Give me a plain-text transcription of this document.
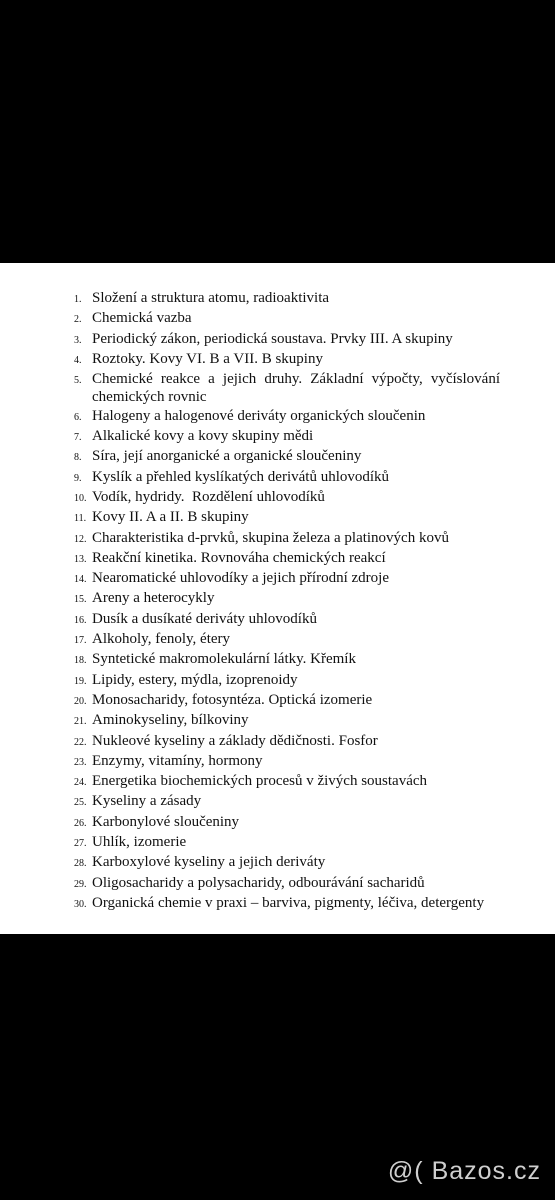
1. Složení a struktura atomu, radioaktivita
2. Chemická vazba
3. Periodický zákon, periodická soustava. Prvky III. A skupiny
4. Roztoky. Kovy VI. B a VII. B skupiny
5. Chemické reakce a jejich druhy. Základní výpočty, vyčíslování chemických rovnic
6. Halogeny a halogenové deriváty organických sloučenin
7. Alkalické kovy a kovy skupiny mědi
8. Síra, její anorganické a organické sloučeniny
9. Kyslík a přehled kyslíkatých derivátů uhlovodíků
10. Vodík, hydridy.  Rozdělení uhlovodíků
11. Kovy II. A a II. B skupiny
12. Charakteristika d-prvků, skupina železa a platinových kovů
13. Reakční kinetika. Rovnováha chemických reakcí
14. Nearomatické uhlovodíky a jejich přírodní zdroje
15. Areny a heterocykly
16. Dusík a dusíkaté deriváty uhlovodíků
17. Alkoholy, fenoly, étery
18. Syntetické makromolekulární látky. Křemík
19. Lipidy, estery, mýdla, izoprenoidy
20. Monosacharidy, fotosyntéza. Optická izomerie
21. Aminokyseliny, bílkoviny
22. Nukleové kyseliny a základy dědičnosti. Fosfor
23. Enzymy, vitamíny, hormony
24. Energetika biochemických procesů v živých soustavách
25. Kyseliny a zásady
26. Karbonylové sloučeniny
27. Uhlík, izomerie
28. Karboxylové kyseliny a jejich deriváty
29. Oligosacharidy a polysacharidy, odbourávání sacharidů
30. Organická chemie v praxi – barviva, pigmenty, léčiva, detergenty
@( Bazos.cz
